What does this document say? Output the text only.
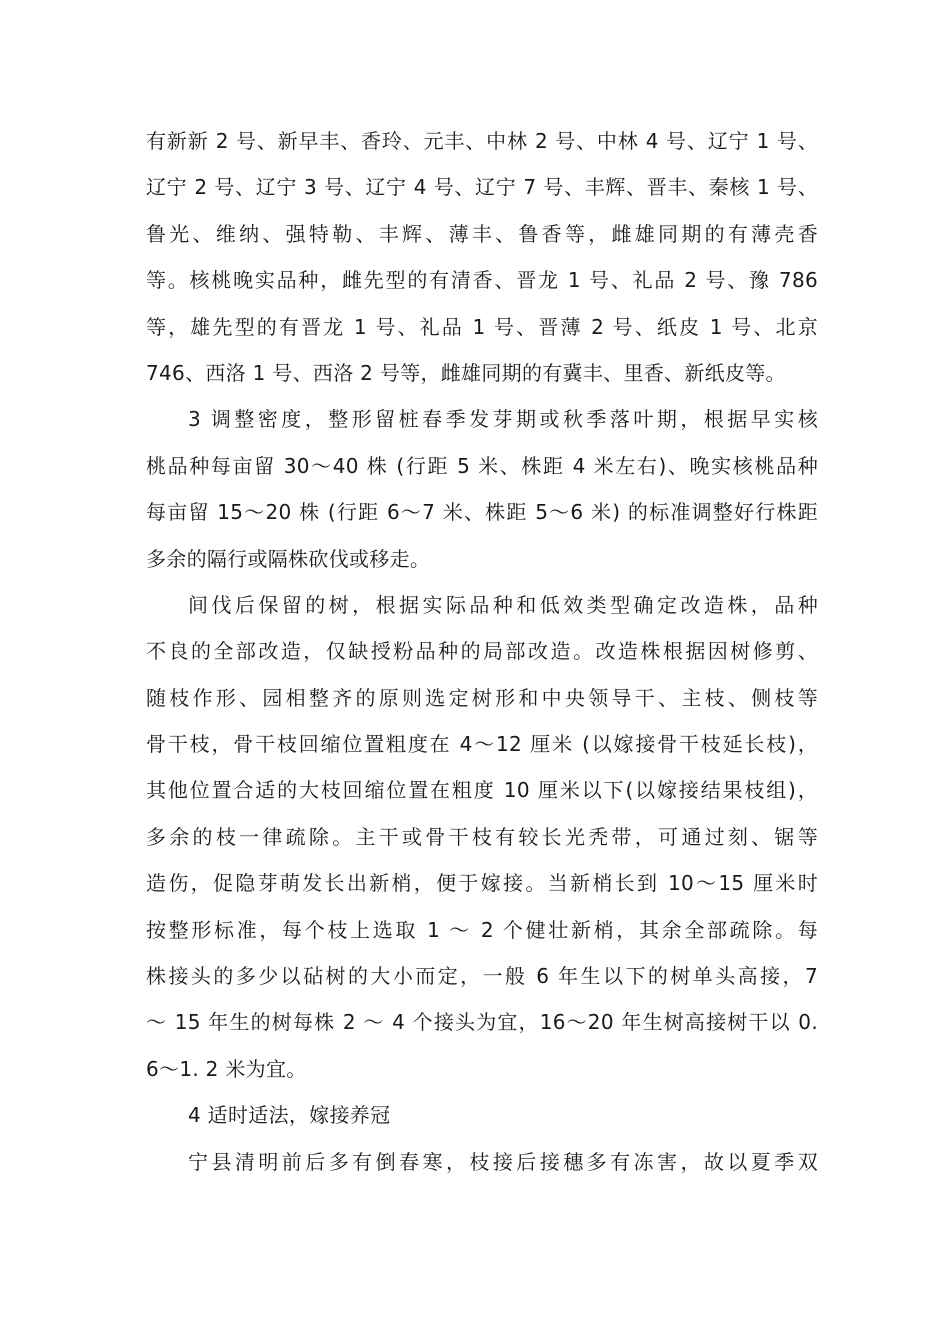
有新新 2 号、新早丰、香玲、元丰、中林 2 号、中林 4 号、辽宁 1 号、
辽宁 2 号、辽宁 3 号、辽宁 4 号、辽宁 7 号、丰辉、晋丰、秦核 1 号、
鲁光、维纳、强特勒、丰辉、薄丰、鲁香等，雌雄同期的有薄壳香
等。核桃晚实品种，雌先型的有清香、晋龙 1 号、礼品 2 号、豫 786
等，雄先型的有晋龙 1 号、礼品 1 号、晋薄 2 号、纸皮 1 号、北京
746、西洛 1 号、西洛 2 号等，雌雄同期的有冀丰、里香、新纸皮等。
3 调整密度，整形留桩春季发芽期或秋季落叶期，根据早实核
桃品种每亩留 30～40 株 (行距 5 米、株距 4 米左右)、晚实核桃品种
每亩留 15～20 株 (行距 6～7 米、株距 5～6 米) 的标准调整好行株距
多余的隔行或隔株砍伐或移走。
间伐后保留的树，根据实际品种和低效类型确定改造株，品种
不良的全部改造，仅缺授粉品种的局部改造。改造株根据因树修剪、
随枝作形、园相整齐的原则选定树形和中央领导干、主枝、侧枝等
骨干枝，骨干枝回缩位置粗度在 4～12 厘米 (以嫁接骨干枝延长枝)，
其他位置合适的大枝回缩位置在粗度 10 厘米以下(以嫁接结果枝组)，
多余的枝一律疏除。主干或骨干枝有较长光秃带，可通过刻、锯等
造伤，促隐芽萌发长出新梢，便于嫁接。当新梢长到 10～15 厘米时
按整形标准，每个枝上选取 1 ～ 2 个健壮新梢，其余全部疏除。每
株接头的多少以砧树的大小而定，一般 6 年生以下的树单头高接，7
～ 15 年生的树每株 2 ～ 4 个接头为宜，16～20 年生树高接树干以 0.
6～1. 2 米为宜。
4 适时适法，嫁接养冠
宁县清明前后多有倒春寒，枝接后接穗多有冻害，故以夏季双
